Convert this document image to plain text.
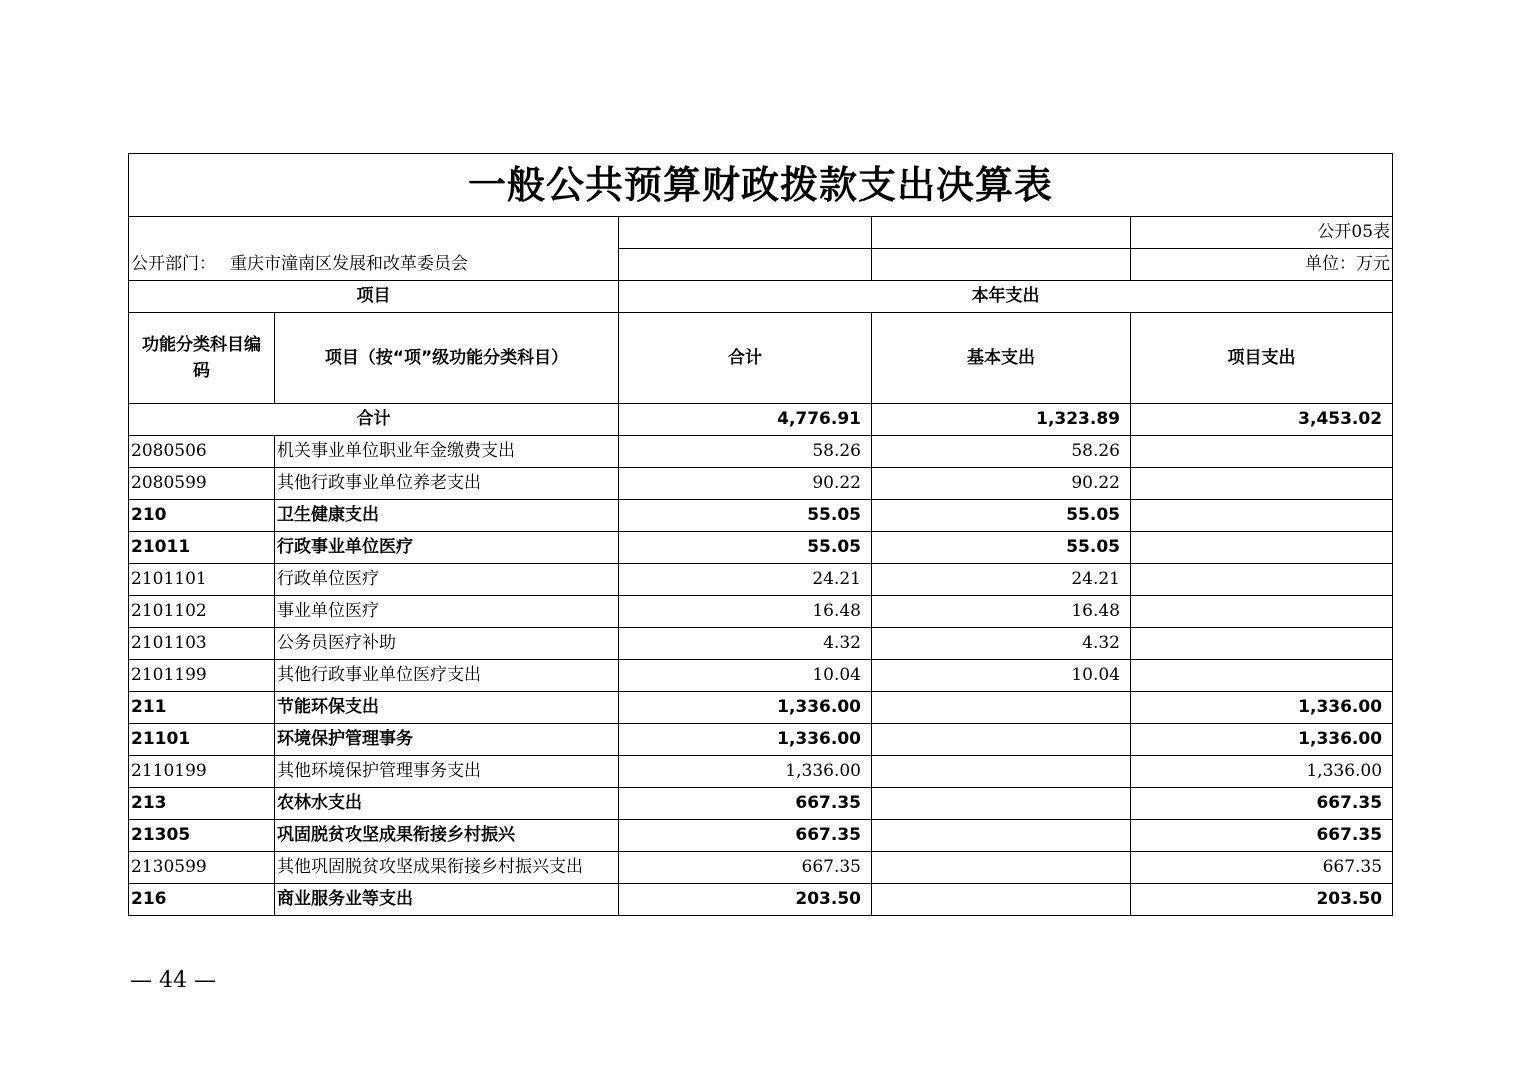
一般公共预算财政拨款支出决算表				
				公开05表
公开部门： 重庆市潼南区发展和改革委员会				单位：万元
项目		本年支出		
功能分类科目编码	项目（按“项”级功能分类科目）	合计	基本支出	项目支出
合计		4,776.91	1,323.89	3,453.02
2080506	机关事业单位职业年金缴费支出	58.26	58.26	
2080599	其他行政事业单位养老支出	90.22	90.22	
210	卫生健康支出	55.05	55.05	
21011	行政事业单位医疗	55.05	55.05	
2101101	行政单位医疗	24.21	24.21	
2101102	事业单位医疗	16.48	16.48	
2101103	公务员医疗补助	4.32	4.32	
2101199	其他行政事业单位医疗支出	10.04	10.04	
211	节能环保支出	1,336.00		1,336.00
21101	环境保护管理事务	1,336.00		1,336.00
2110199	其他环境保护管理事务支出	1,336.00		1,336.00
213	农林水支出	667.35		667.35
21305	巩固脱贫攻坚成果衔接乡村振兴	667.35		667.35
2130599	其他巩固脱贫攻坚成果衔接乡村振兴支出	667.35		667.35
216	商业服务业等支出	203.50		203.50
— 44 —
